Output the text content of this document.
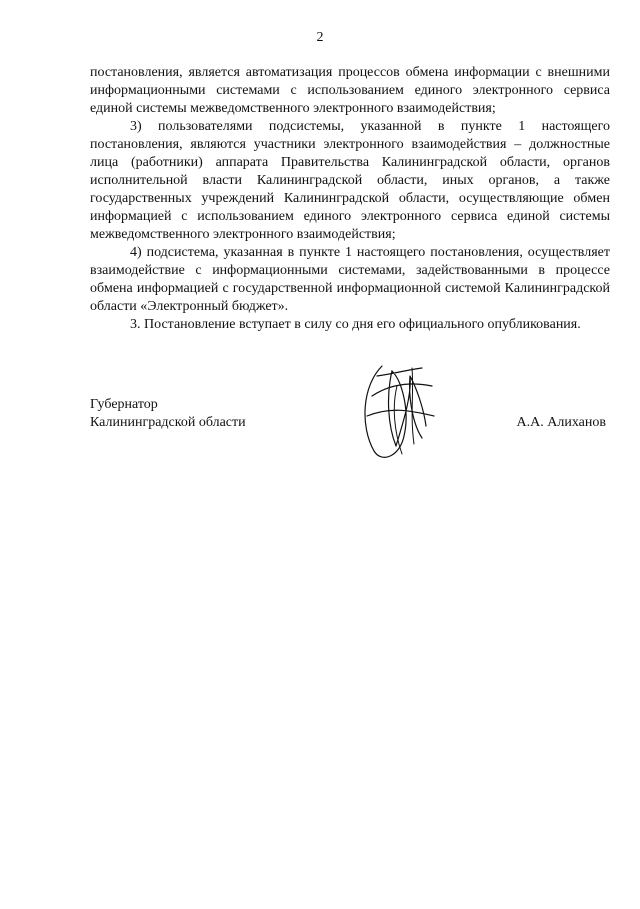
2

постановления, является автоматизация процессов обмена информации с внешними информационными системами с использованием единого электронного сервиса единой системы межведомственного электронного взаимодействия;

3) пользователями подсистемы, указанной в пункте 1 настоящего постановления, являются участники электронного взаимодействия – должностные лица (работники) аппарата Правительства Калининградской области, органов исполнительной власти Калининградской области, иных органов, а также государственных учреждений Калининградской области, осуществляющие обмен информацией с использованием единого электронного сервиса единой системы межведомственного электронного взаимодействия;

4) подсистема, указанная в пункте 1 настоящего постановления, осуществляет взаимодействие с информационными системами, задействованными в процессе обмена информацией с государственной информационной системой Калининградской области «Электронный бюджет».

3. Постановление вступает в силу со дня его официального опубликования.

Губернатор
Калининградской области	А.А. Алиханов
